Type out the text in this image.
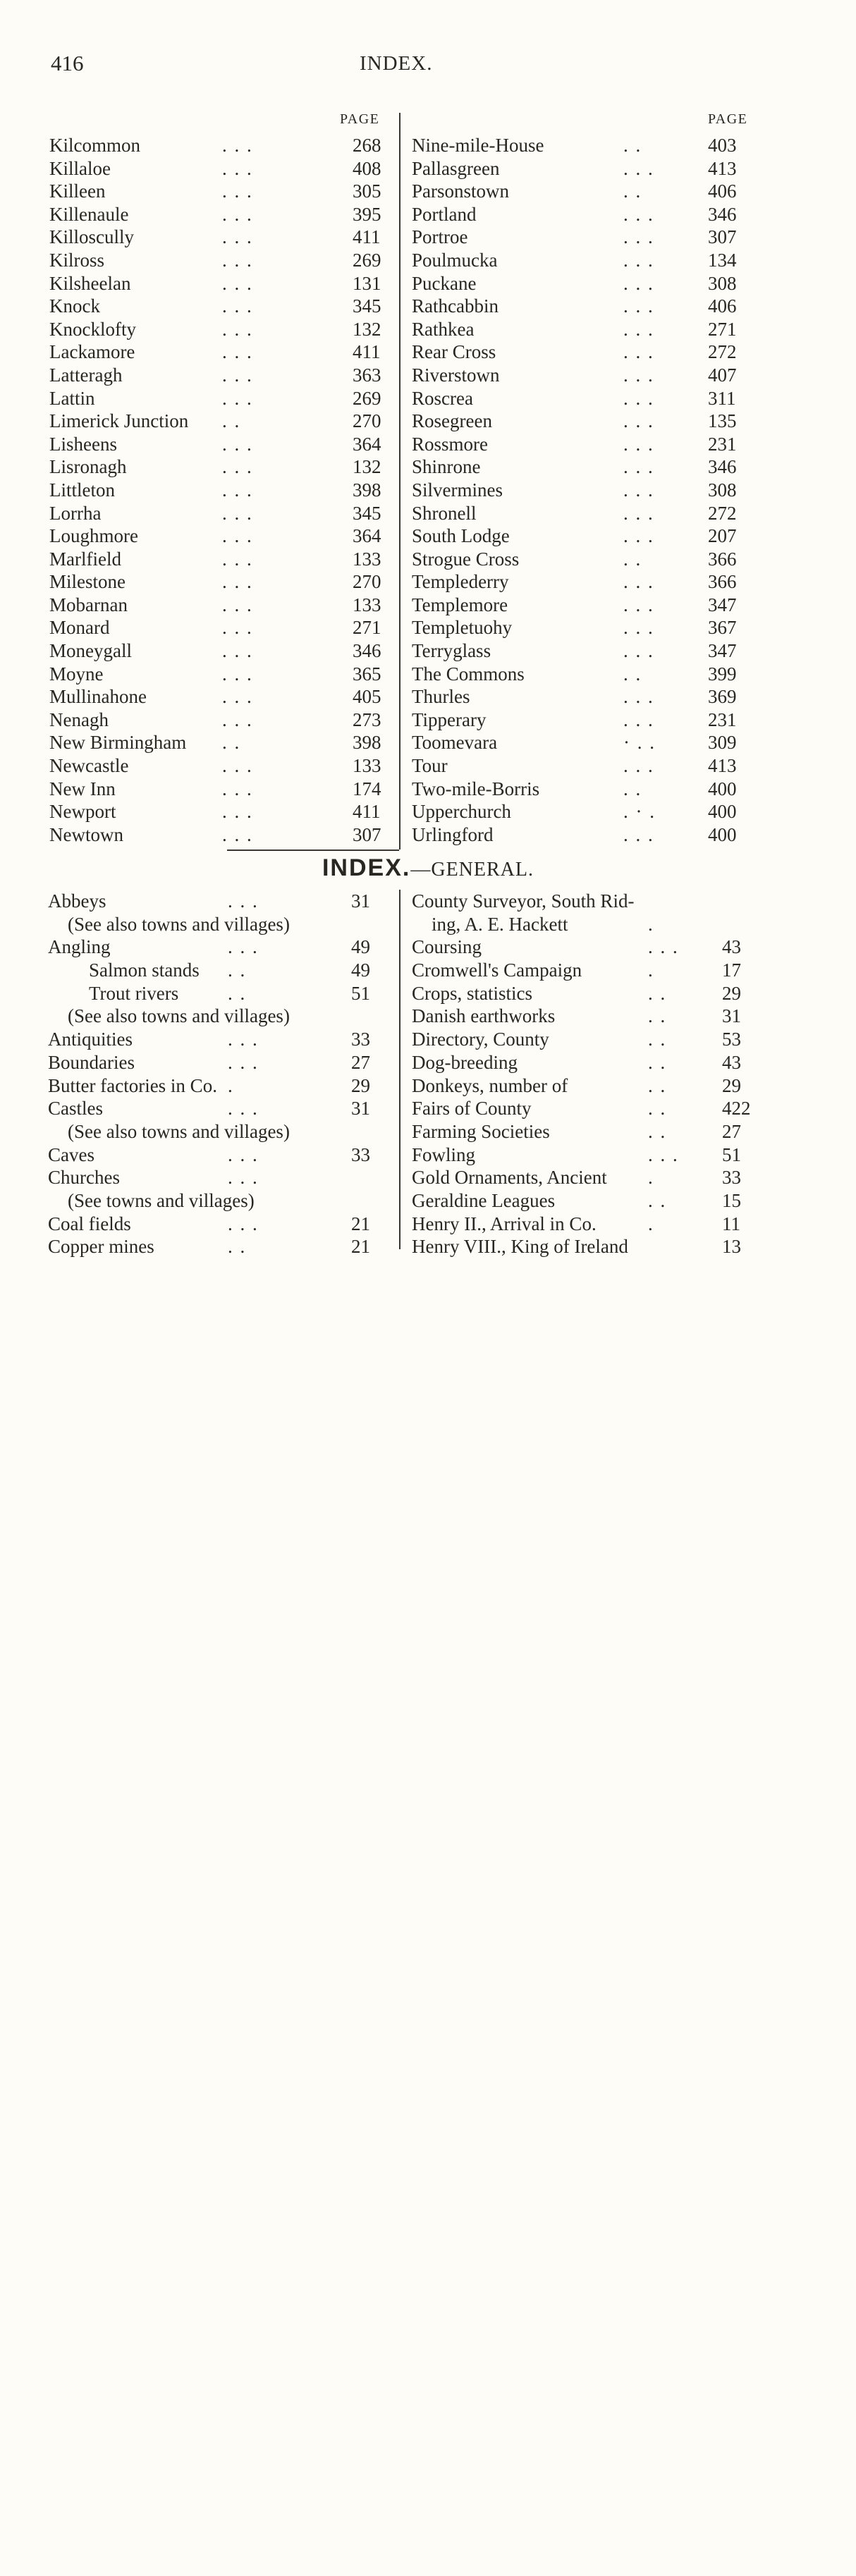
416	INDEX.
PAGE	PAGE
Kilcommon	. . .	268
Killaloe	. . .	408
Killeen	. . .	305
Killenaule	. . .	395
Killoscully	. . .	411
Kilross	. . .	269
Kilsheelan	. . .	131
Knock	. . .	345
Knocklofty	. . .	132
Lackamore	. . .	411
Latteragh	. . .	363
Lattin	. . .	269
Limerick Junction . .	270
Lisheens	. . .	364
Lisronagh	. . .	132
Littleton	. . .	398
Lorrha	. . .	345
Loughmore	. . .	364
Marlfield	. . .	133
Milestone	. . .	270
Mobarnan	. . .	133
Monard	. . .	271
Moneygall	. . .	346
Moyne	. . .	365
Mullinahone	. . .	405
Nenagh	. . .	273
New Birmingham . .	398
Newcastle	. . .	133
New Inn	. . .	174
Newport	. . .	411
Newtown	. . .	307
Nine-mile-House	. .	403
Pallasgreen	. . .	413
Parsonstown	. .	406
Portland	. . .	346
Portroe	. . .	307
Poulmucka	. . .	134
Puckane	. . .	308
Rathcabbin	. . .	406
Rathkea	. . .	271
Rear Cross	. . .	272
Riverstown	. . .	407
Roscrea	. . .	311
Rosegreen	. . .	135
Rossmore	. . .	231
Shinrone	. . .	346
Silvermines	. . .	308
Shronell	. . .	272
South Lodge	. . .	207
Strogue Cross	. .	366
Templederry	. . .	366
Templemore	. . .	347
Templetuohy	. . .	367
Terryglass	. . .	347
The Commons	. .	399
Thurles	. . .	369
Tipperary	. . .	231
Toomevara	· . .	309
Tour	. . .	413
Two-mile-Borris	. .	400
Upperchurch	. · .	400
Urlingford	. . .	400
INDEX.—GENERAL.
Abbeys	. . .	31
(See also towns and villages)
Angling	. . .	49
Salmon stands . .	49
Trout rivers	. .	51
(See also towns and villages)
Antiquities	. . .	33
Boundaries	. . .	27
Butter factories in Co. .	29
Castles	. . .	31
(See also towns and villages)
Caves	. . .	33
Churches	. . .
(See towns and villages)
Coal fields	. . .	21
Copper mines	. .	21
County Surveyor, South Rid-
ing, A. E. Hackett	.
Coursing	. . . 43
Cromwell's Campaign	.	17
Crops, statistics	. .	29
Danish earthworks	. .	31
Directory, County	. .	53
Dog-breeding	. .	43
Donkeys, number of	. .	29
Fairs of County	. .	422
Farming Societies	. .	27
Fowling	. . . 51
Gold Ornaments, Ancient .	33
Geraldine Leagues	. .	15
Henry II., Arrival in Co.	.	11
Henry VIII., King of Ireland	13
